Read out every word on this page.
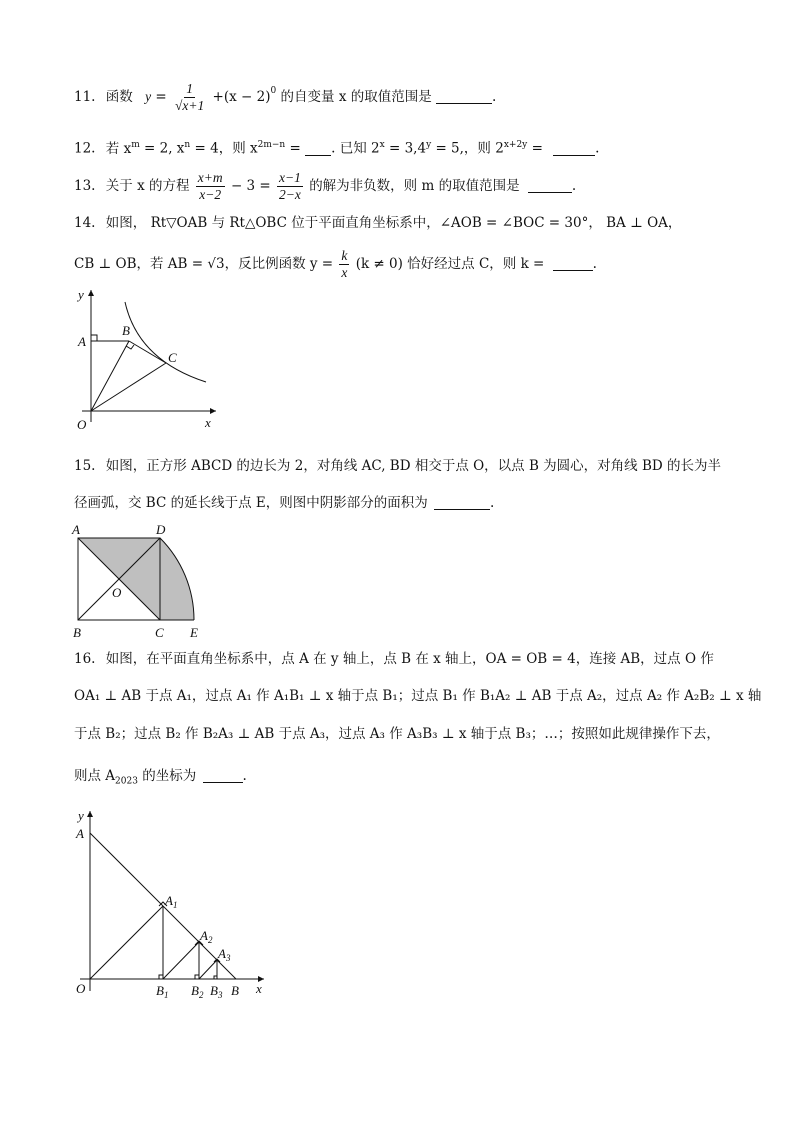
11. 函数 $y = \frac{1}{√x+1} +(x - 2)^0$ 的自变量 x 的取值范围是	.
12. 若 $x^m = 2$, $x^n = 4$，则 $x^{2m-n}$ = . 已知 $2^x = 3,4^y = 5$,，则 $2^{x+2y}$ =	.
13. 关于 x 的方程 $\frac{x+m}{x-2} - 3 = \frac{x-1}{2-x}$ 的解为非负数，则 m 的取值范围是	.
14. 如图， Rt▽OAB 与 Rt△OBC 位于平面直角坐标系中，∠AOB = ∠BOC = 30°， BA ⊥ OA，
CB ⊥ OB，若 AB = √3，反比例函数 $y = \frac{k}{x} (k \ne 0)$ 恰好经过点 C，则 k =	.
y
A
B
C
O	x
15. 如图，正方形 ABCD 的边长为 2，对角线 AC, BD 相交于点 O，以点 B 为圆心，对角线 BD 的长为半
径画弧，交 BC 的延长线于点 E，则图中阴影部分的面积为	.
A	D
O
B	C E
16. 如图，在平面直角坐标系中，点 A 在 y 轴上，点 B 在 x 轴上，OA = OB = 4，连接 AB，过点 O 作
OA₁ ⊥ AB 于点 A₁，过点 A₁ 作 A₁B₁ ⊥ x 轴于点 B₁；过点 B₁ 作 B₁A₂ ⊥ AB 于点 A₂，过点 A₂ 作 A₂B₂ ⊥ x 轴
于点 B₂；过点 B₂ 作 B₂A₃ ⊥ AB 于点 A₃，过点 A₃ 作 A₃B₃ ⊥ x 轴于点 B₃；…；按照如此规律操作下去，
则点 $A_{2023}$ 的坐标为	.
y
A
$A_1$
$A_2$
$A_3$
O	$B_1$ $B_2$ $B_3$ B x
